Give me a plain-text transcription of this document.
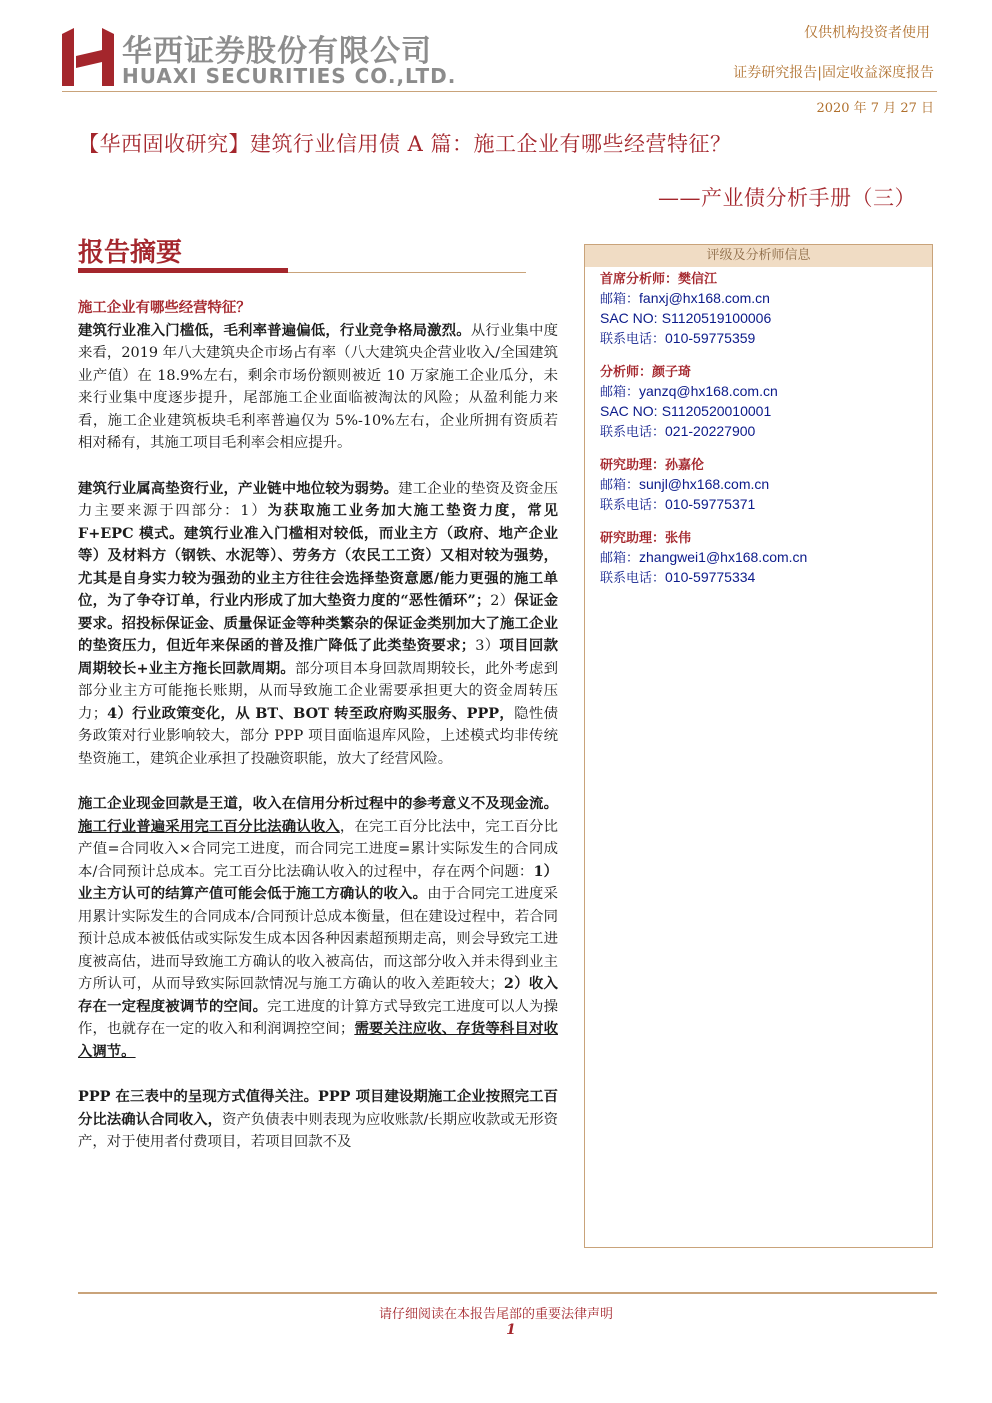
华西证券股份有限公司
HUAXI SECURITIES CO.,LTD.
仅供机构投资者使用
证券研究报告|固定收益深度报告
2020 年 7 月 27 日
【华西固收研究】建筑行业信用债 A 篇：施工企业有哪些经营特征？
——产业债分析手册（三）
报告摘要
施工企业有哪些经营特征？
建筑行业准入门槛低，毛利率普遍偏低，行业竞争格局激烈。从行业集中度来看，2019 年八大建筑央企市场占有率（八大建筑央企营业收入/全国建筑业产值）在 18.9%左右，剩余市场份额则被近 10 万家施工企业瓜分，未来行业集中度逐步提升，尾部施工企业面临被淘汰的风险；从盈利能力来看，施工企业建筑板块毛利率普遍仅为 5%-10%左右，企业所拥有资质若相对稀有，其施工项目毛利率会相应提升。
建筑行业属高垫资行业，产业链中地位较为弱势。建工企业的垫资及资金压力主要来源于四部分：1）为获取施工业务加大施工垫资力度，常见 F+EPC 模式。建筑行业准入门槛相对较低，而业主方（政府、地产企业等）及材料方（钢铁、水泥等）、劳务方（农民工工资）又相对较为强势，尤其是自身实力较为强劲的业主方往往会选择垫资意愿/能力更强的施工单位，为了争夺订单，行业内形成了加大垫资力度的“恶性循环”；2）保证金要求。招投标保证金、质量保证金等种类繁杂的保证金类别加大了施工企业的垫资压力，但近年来保函的普及推广降低了此类垫资要求；3）项目回款周期较长+业主方拖长回款周期。部分项目本身回款周期较长，此外考虑到部分业主方可能拖长账期，从而导致施工企业需要承担更大的资金周转压力；4）行业政策变化，从 BT、BOT 转至政府购买服务、PPP，隐性债务政策对行业影响较大，部分 PPP 项目面临退库风险，上述模式均非传统垫资施工，建筑企业承担了投融资职能，放大了经营风险。
施工企业现金回款是王道，收入在信用分析过程中的参考意义不及现金流。施工行业普遍采用完工百分比法确认收入，在完工百分比法中，完工百分比产值=合同收入×合同完工进度，而合同完工进度=累计实际发生的合同成本/合同预计总成本。完工百分比法确认收入的过程中，存在两个问题：1）业主方认可的结算产值可能会低于施工方确认的收入。由于合同完工进度采用累计实际发生的合同成本/合同预计总成本衡量，但在建设过程中，若合同预计总成本被低估或实际发生成本因各种因素超预期走高，则会导致完工进度被高估，进而导致施工方确认的收入被高估，而这部分收入并未得到业主方所认可，从而导致实际回款情况与施工方确认的收入差距较大；2）收入存在一定程度被调节的空间。完工进度的计算方式导致完工进度可以人为操作，也就存在一定的收入和利润调控空间；需要关注应收、存货等科目对收入调节。
PPP 在三表中的呈现方式值得关注。PPP 项目建设期施工企业按照完工百分比法确认合同收入，资产负债表中则表现为应收账款/长期应收款或无形资产，对于使用者付费项目，若项目回款不及
评级及分析师信息
首席分析师：樊信江
邮箱：fanxj@hx168.com.cn
SAC NO: S1120519100006
联系电话：010-59775359
分析师：颜子琦
邮箱：yanzq@hx168.com.cn
SAC NO: S1120520010001
联系电话：021-20227900
研究助理：孙嘉伦
邮箱：sunjl@hx168.com.cn
联系电话：010-59775371
研究助理：张伟
邮箱：zhangwei1@hx168.com.cn
联系电话：010-59775334
请仔细阅读在本报告尾部的重要法律声明
1
